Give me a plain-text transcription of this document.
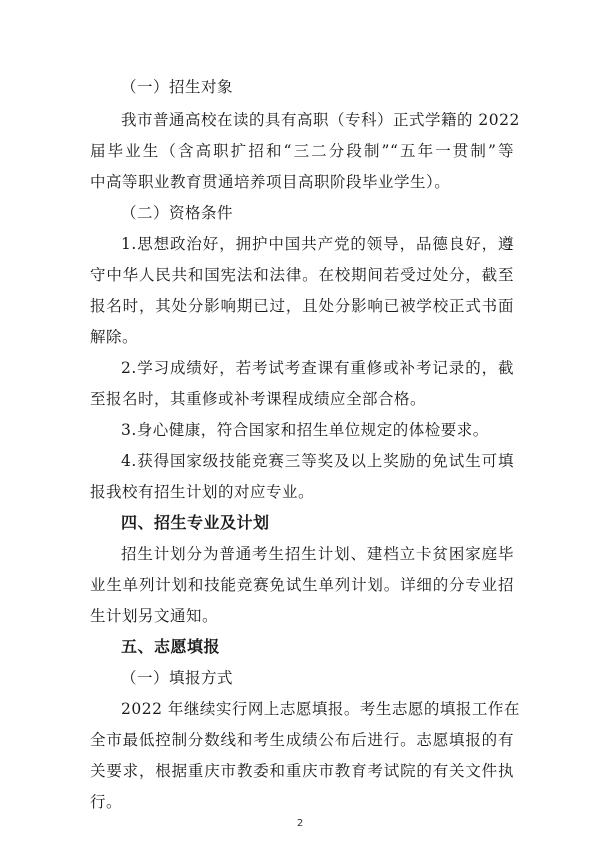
（一）招生对象
我市普通高校在读的具有高职（专科）正式学籍的 2022
届毕业生（含高职扩招和“三二分段制”“五年一贯制”等
中高等职业教育贯通培养项目高职阶段毕业学生）。
（二）资格条件
1.思想政治好，拥护中国共产党的领导，品德良好，遵
守中华人民共和国宪法和法律。在校期间若受过处分，截至
报名时，其处分影响期已过，且处分影响已被学校正式书面
解除。
2.学习成绩好，若考试考查课有重修或补考记录的，截
至报名时，其重修或补考课程成绩应全部合格。
3.身心健康，符合国家和招生单位规定的体检要求。
4.获得国家级技能竞赛三等奖及以上奖励的免试生可填
报我校有招生计划的对应专业。
四、招生专业及计划
招生计划分为普通考生招生计划、建档立卡贫困家庭毕
业生单列计划和技能竞赛免试生单列计划。详细的分专业招
生计划另文通知。
五、志愿填报
（一）填报方式
2022 年继续实行网上志愿填报。考生志愿的填报工作在
全市最低控制分数线和考生成绩公布后进行。志愿填报的有
关要求，根据重庆市教委和重庆市教育考试院的有关文件执
行。
2
